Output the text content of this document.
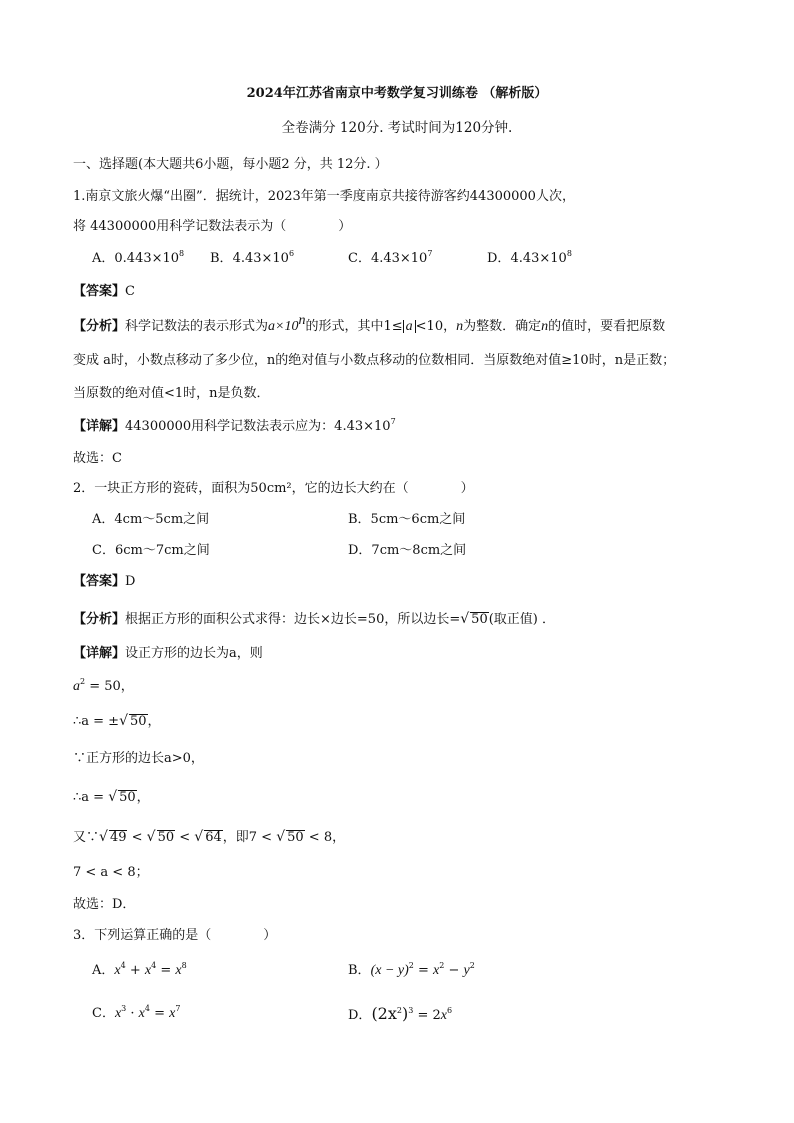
2024年江苏省南京中考数学复习训练卷 （解析版）
全卷满分 120分. 考试时间为120分钟.
一、选择题(本大题共6小题，每小题2 分，共 12分. ）
1.南京文旅火爆“出圈”．据统计，2023年第一季度南京共接待游客约44300000人次，
将 44300000用科学记数法表示为（　　　　）
A．$0.443\times 10^8$ B．$4.43\times 10^6$	C．$4.43\times 10^7$	D．$4.43\times 10^8$
【答案】C
【分析】科学记数法的表示形式为$a\times 10^n$的形式，其中1≤ a <10，n为整数．确定n的值时，要看把原数
变成 a时，小数点移动了多少位，n的绝对值与小数点移动的位数相同．当原数绝对值≥10时，n是正数；
当原数的绝对值<1时，n是负数．
【详解】44300000用科学记数法表示应为：$4.43\times 10^7$
故选：C
2．一块正方形的瓷砖，面积为50cm²，它的边长大约在（　　　　）
A．4cm～5cm之间	B．5cm～6cm之间
C．6cm～7cm之间	D．7cm～8cm之间
【答案】D
【分析】根据正方形的面积公式求得：边长×边长=50，所以边长=√ 50(取正值) ．
【详解】设正方形的边长为a，则
$a^2 = 50$，
∴a = ±√ 50，
∵正方形的边长a>0，
∴a = √ 50，
又∵√ 49 < √ 50 < √ 64，即7 < √ 50 < 8，
7 < a < 8；
故选：D．
3．下列运算正确的是（　　　　）
A．$x^4 + x^4 = x^8$	B．$(x - y)^2 = x^2 - y^2$
C．$x^3 \cdot x^4 = x^7$	D．$(2x^2)^3 = 2x^6$
